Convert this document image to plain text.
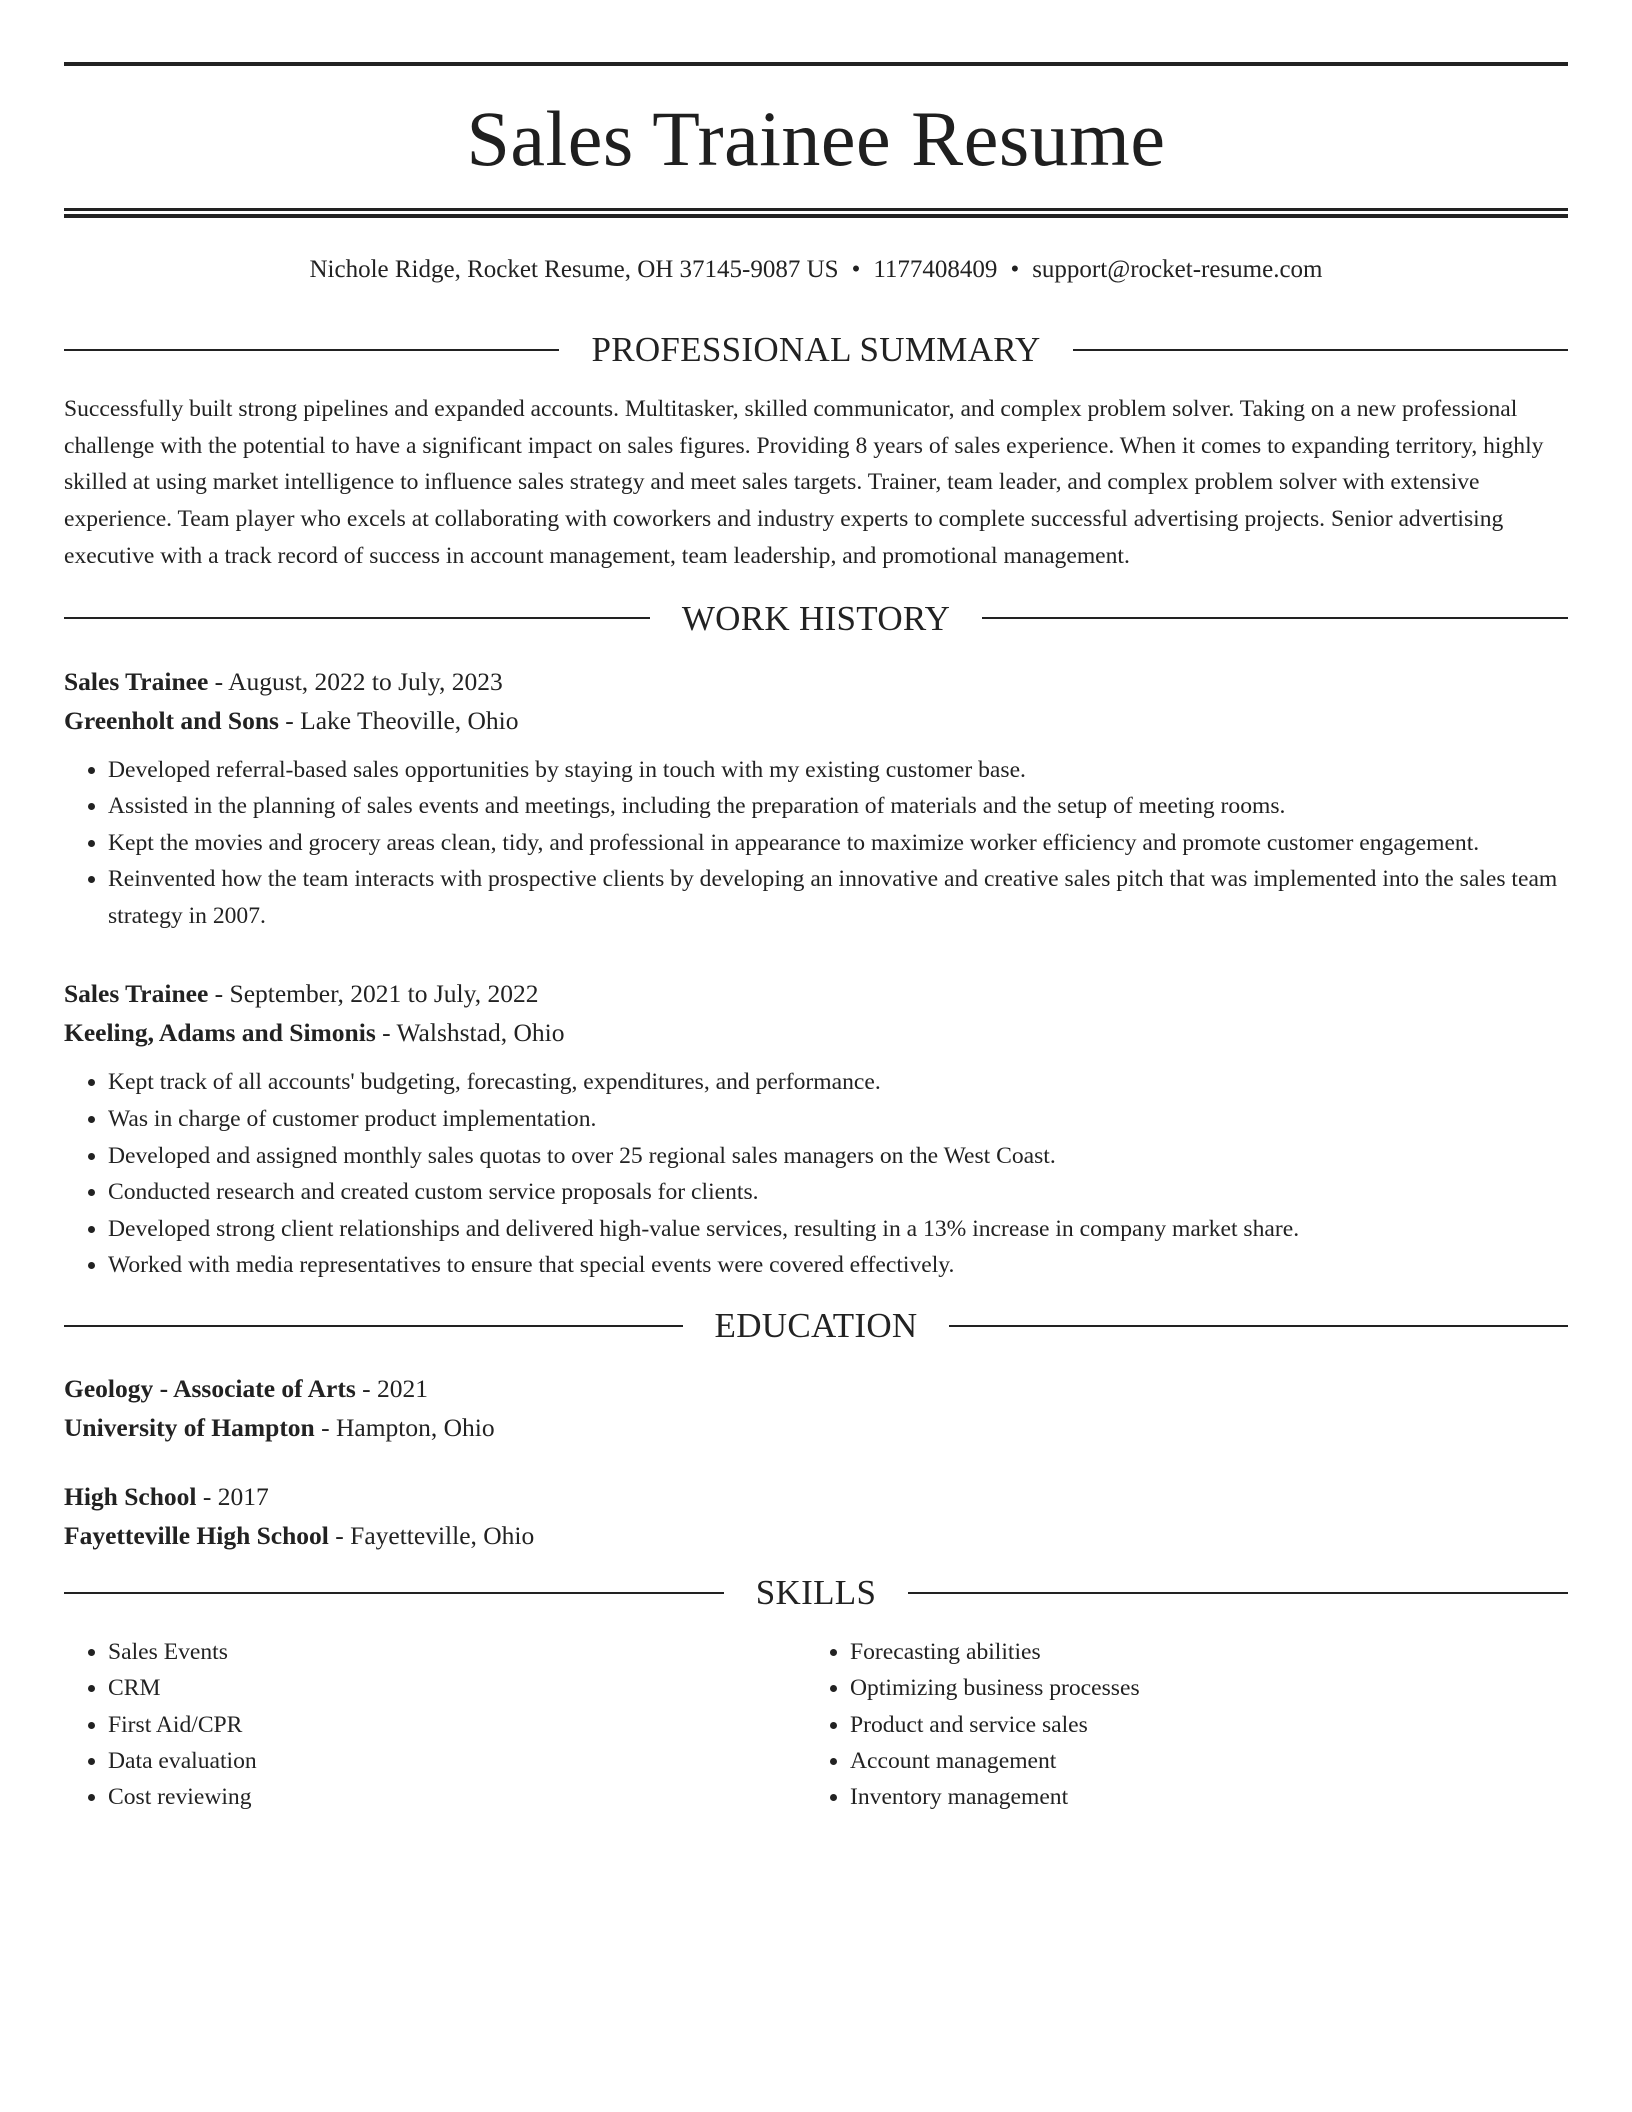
Sales Trainee Resume
Nichole Ridge, Rocket Resume, OH 37145-9087 US • 1177408409 • support@rocket-resume.com
PROFESSIONAL SUMMARY

Successfully built strong pipelines and expanded accounts. Multitasker, skilled communicator, and complex problem solver. Taking on a new professional challenge with the potential to have a significant impact on sales figures. Providing 8 years of sales experience. When it comes to expanding territory, highly skilled at using market intelligence to influence sales strategy and meet sales targets. Trainer, team leader, and complex problem solver with extensive experience. Team player who excels at collaborating with coworkers and industry experts to complete successful advertising projects. Senior advertising executive with a track record of success in account management, team leadership, and promotional management.

WORK HISTORY
Sales Trainee - August, 2022 to July, 2023
Greenholt and Sons - Lake Theoville, Ohio
• Developed referral-based sales opportunities by staying in touch with my existing customer base.
• Assisted in the planning of sales events and meetings, including the preparation of materials and the setup of meeting rooms.
• Kept the movies and grocery areas clean, tidy, and professional in appearance to maximize worker efficiency and promote customer engagement.
• Reinvented how the team interacts with prospective clients by developing an innovative and creative sales pitch that was implemented into the sales team strategy in 2007.
Sales Trainee - September, 2021 to July, 2022
Keeling, Adams and Simonis - Walshstad, Ohio
• Kept track of all accounts' budgeting, forecasting, expenditures, and performance.
• Was in charge of customer product implementation.
• Developed and assigned monthly sales quotas to over 25 regional sales managers on the West Coast.
• Conducted research and created custom service proposals for clients.
• Developed strong client relationships and delivered high-value services, resulting in a 13% increase in company market share.
• Worked with media representatives to ensure that special events were covered effectively.
EDUCATION
Geology - Associate of Arts - 2021
University of Hampton - Hampton, Ohio
High School - 2017
Fayetteville High School - Fayetteville, Ohio
SKILLS
• Sales Events
• CRM
• First Aid/CPR
• Data evaluation
• Cost reviewing
• Forecasting abilities
• Optimizing business processes
• Product and service sales
• Account management
• Inventory management
